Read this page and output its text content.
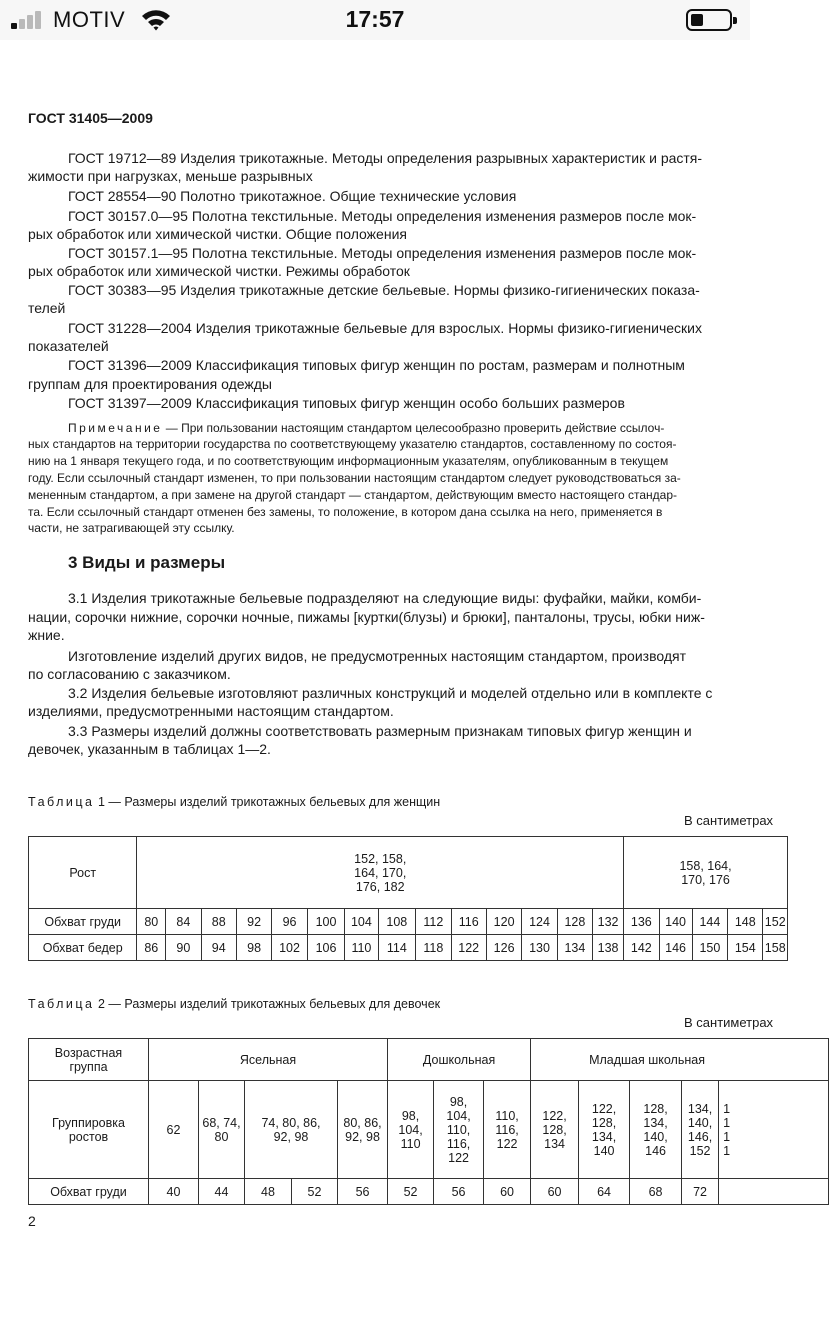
MOTIV	17:57
ГОСТ 31405—2009
ГОСТ 19712—89 Изделия трикотажные. Методы определения разрывных характеристик и растя-
жимости при нагрузках, меньше разрывных
ГОСТ 28554—90 Полотно трикотажное. Общие технические условия
ГОСТ 30157.0—95 Полотна текстильные. Методы определения изменения размеров после мок-
рых обработок или химической чистки. Общие положения
ГОСТ 30157.1—95 Полотна текстильные. Методы определения изменения размеров после мок-
рых обработок или химической чистки. Режимы обработок
ГОСТ 30383—95 Изделия трикотажные детские бельевые. Нормы физико-гигиенических показа-
телей
ГОСТ 31228—2004 Изделия трикотажные бельевые для взрослых. Нормы физико-гигиенических
показателей
ГОСТ 31396—2009 Классификация типовых фигур женщин по ростам, размерам и полнотным
группам для проектирования одежды
ГОСТ 31397—2009 Классификация типовых фигур женщин особо больших размеров
Примечание — При пользовании настоящим стандартом целесообразно проверить действие ссылоч-
ных стандартов на территории государства по соответствующему указателю стандартов, составленному по состоя-
нию на 1 января текущего года, и по соответствующим информационным указателям, опубликованным в текущем
году. Если ссылочный стандарт изменен, то при пользовании настоящим стандартом следует руководствоваться за-
мененным стандартом, а при замене на другой стандарт — стандартом, действующим вместо настоящего стандар-
та. Если ссылочный стандарт отменен без замены, то положение, в котором дана ссылка на него, применяется в
части, не затрагивающей эту ссылку.
3 Виды и размеры
3.1 Изделия трикотажные бельевые подразделяют на следующие виды: фуфайки, майки, комби-
нации, сорочки нижние, сорочки ночные, пижамы [куртки(блузы) и брюки], панталоны, трусы, юбки ниж-
жние.
Изготовление изделий других видов, не предусмотренных настоящим стандартом, производят
по согласованию с заказчиком.
3.2 Изделия бельевые изготовляют различных конструкций и моделей отдельно или в комплекте с
изделиями, предусмотренными настоящим стандартом.
3.3 Размеры изделий должны соответствовать размерным признакам типовых фигур женщин и
девочек, указанным в таблицах 1—2.
Таблица 1 — Размеры изделий трикотажных бельевых для женщин
В сантиметрах
Рост	152, 158, 164, 170, 176, 182														158, 164, 170, 176				

Обхват груди	80	84	88	92	96	100	104	108	112	116	120	124	128	132	136	140	144	148	152
Обхват бедер	86	90	94	98	102	106	110	114	118	122	126	130	134	138	142	146	150	154	158
Таблица 2 — Размеры изделий трикотажных бельевых для девочек
В сантиметрах
Возрастная группа	Ясельная					Дошкольная			Младшая школьная				

Группировка ростов	62	68, 74, 80	74, 80, 86, 92, 98		80, 86, 92, 98	98, 104, 110	98, 104, 110, 116, 122	110, 116, 122	122, 128, 134	122, 128, 134, 140	128, 134, 140, 146	134, 140, 146, 152	1 1 1 1

Обхват груди	40	44	48	52	56	52	56	60	60	64	68	72	
2
